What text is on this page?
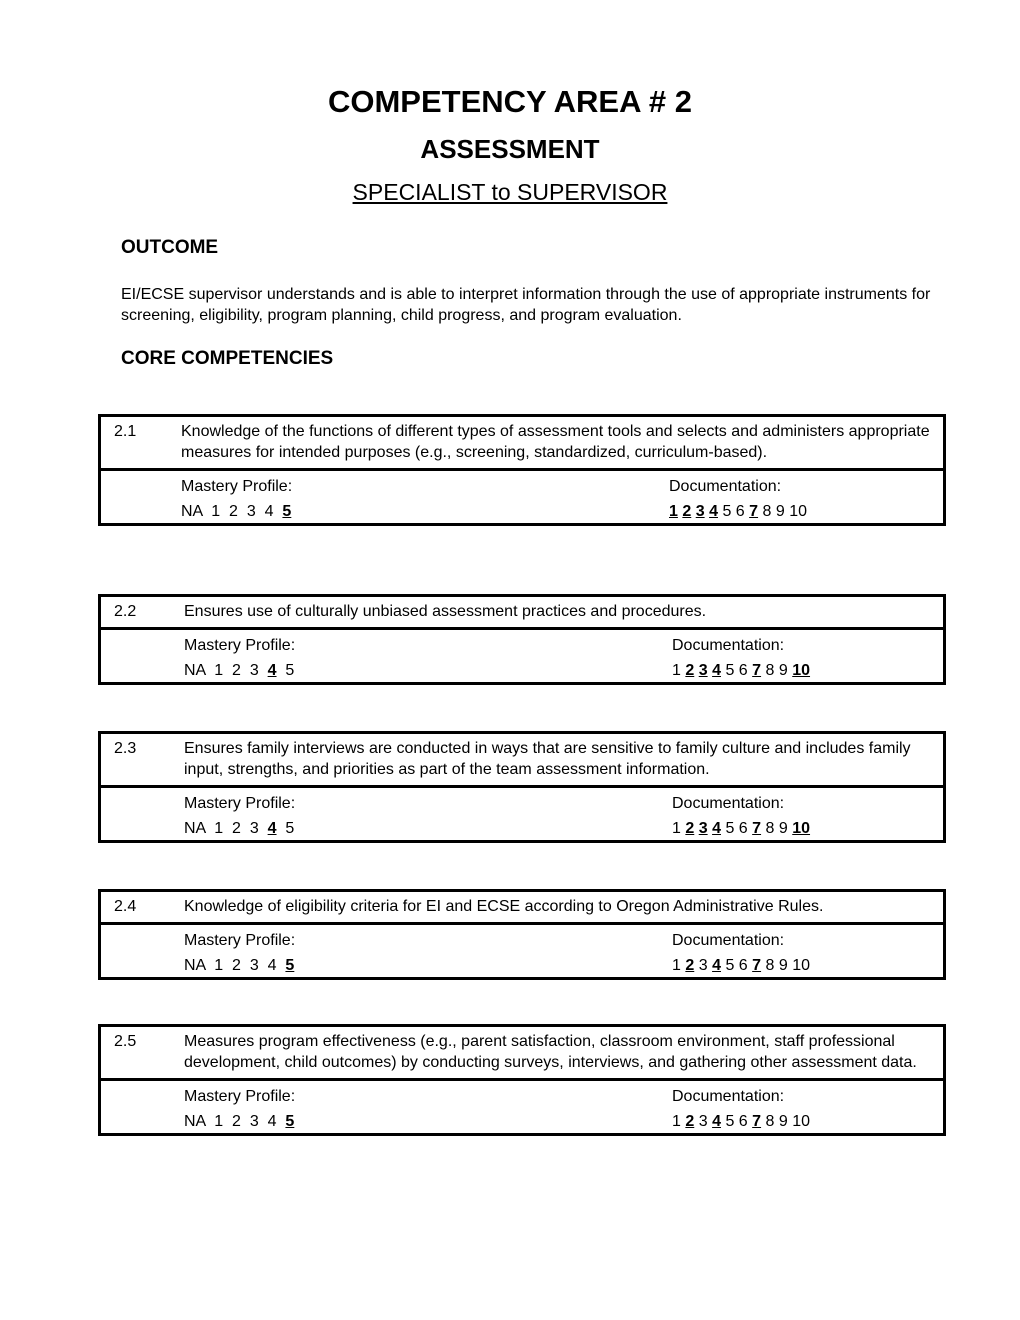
COMPETENCY AREA # 2
ASSESSMENT
SPECIALIST to SUPERVISOR
OUTCOME
EI/ECSE supervisor understands and is able to interpret information through the use of appropriate instruments for screening, eligibility, program planning, child progress, and program evaluation.
CORE COMPETENCIES
2.1	Knowledge of the functions of different types of assessment tools and selects and administers appropriate measures for intended purposes (e.g., screening, standardized, curriculum-based).
Mastery Profile:
NA 1 2 3 4 5
Documentation:
1 2 3 4 5 6 7 8 9 10
2.2	Ensures use of culturally unbiased assessment practices and procedures.
Mastery Profile:
NA 1 2 3 4 5
Documentation:
1 2 3 4 5 6 7 8 9 10
2.3	Ensures family interviews are conducted in ways that are sensitive to family culture and includes family input, strengths, and priorities as part of the team assessment information.
Mastery Profile:
NA 1 2 3 4 5
Documentation:
1 2 3 4 5 6 7 8 9 10
2.4	Knowledge of eligibility criteria for EI and ECSE according to Oregon Administrative Rules.
Mastery Profile:
NA 1 2 3 4 5
Documentation:
1 2 3 4 5 6 7 8 9 10
2.5	Measures program effectiveness (e.g., parent satisfaction, classroom environment, staff professional development, child outcomes) by conducting surveys, interviews, and gathering other assessment data.
Mastery Profile:
NA 1 2 3 4 5
Documentation:
1 2 3 4 5 6 7 8 9 10
